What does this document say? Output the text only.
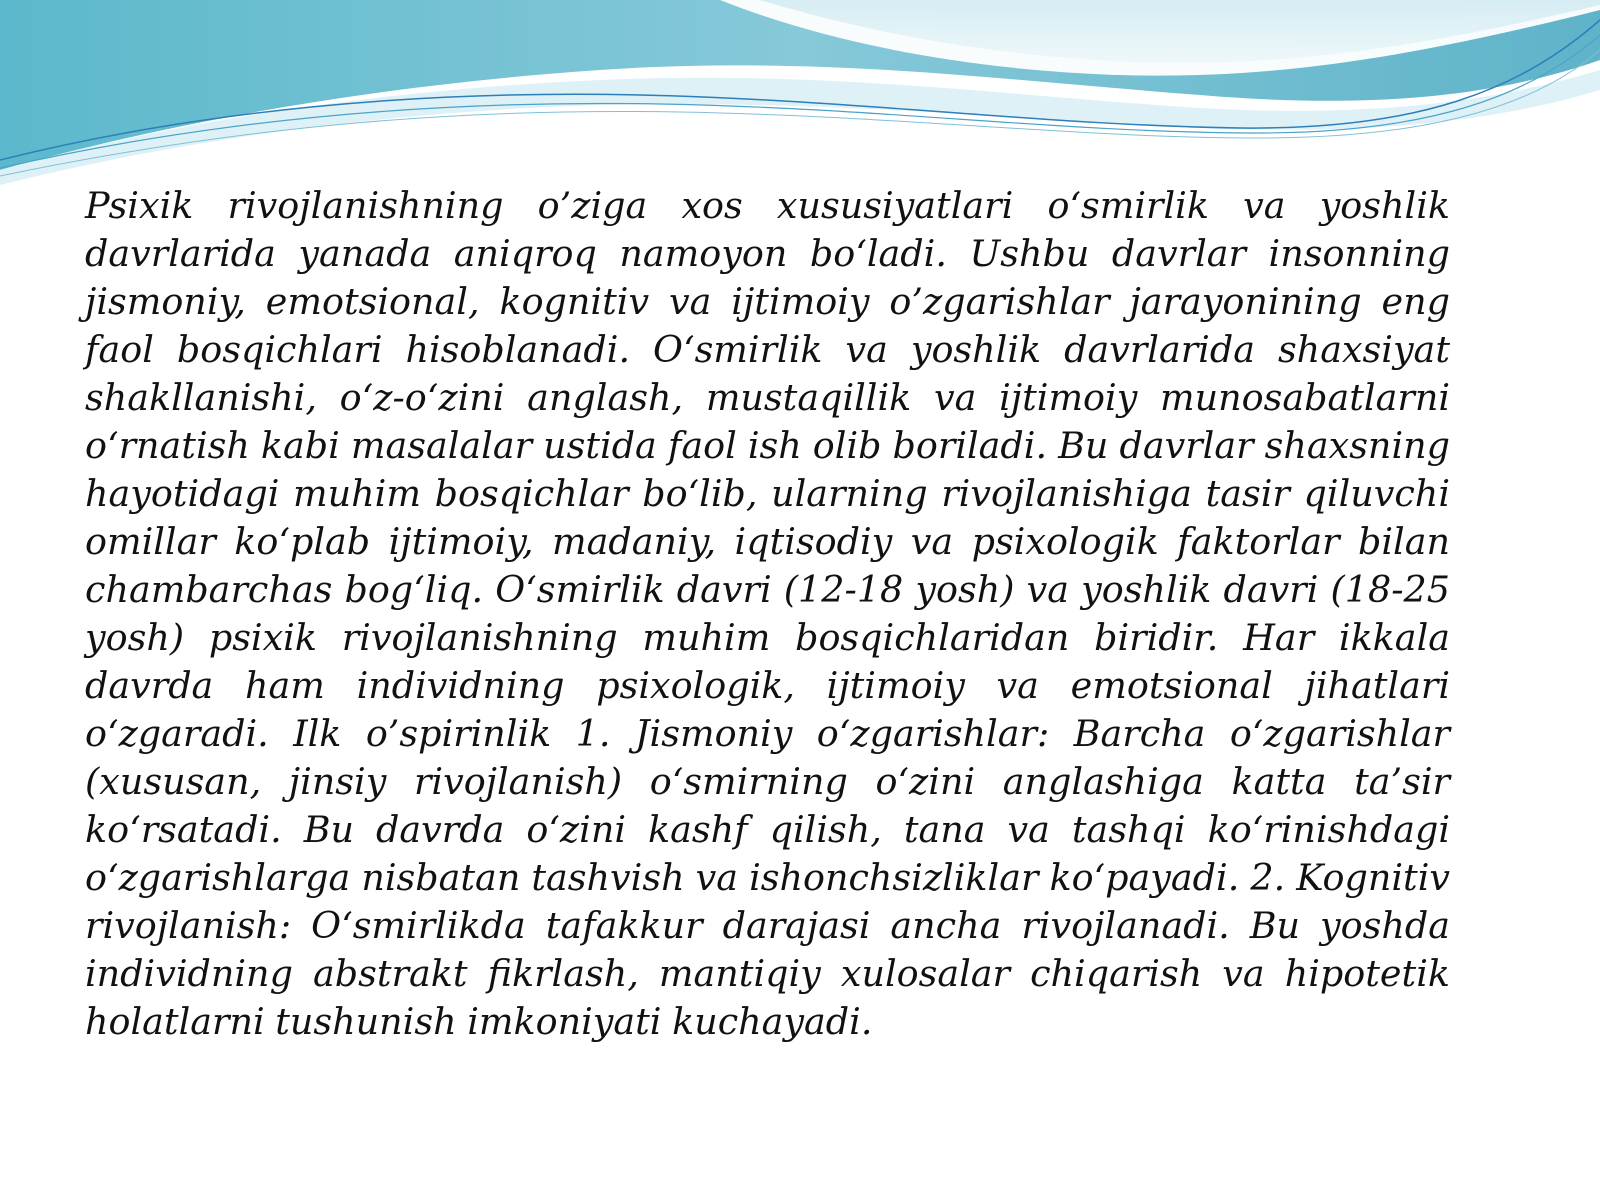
Psixik rivojlanishning o’ziga xos xususiyatlari o‘smirlik va yoshlik davrlarida yanada aniqroq namoyon bo‘ladi. Ushbu davrlar insonning jismoniy, emotsional, kognitiv va ijtimoiy o’zgarishlar jarayonining eng faol bosqichlari hisoblanadi. O‘smirlik va yoshlik davrlarida shaxsiyat shakllanishi, o‘z-o‘zini anglash, mustaqillik va ijtimoiy munosabatlarni o‘rnatish kabi masalalar ustida faol ish olib boriladi. Bu davrlar shaxsning hayotidagi muhim bosqichlar bo‘lib, ularning rivojlanishiga tasir qiluvchi omillar ko‘plab ijtimoiy, madaniy, iqtisodiy va psixologik faktorlar bilan chambarchas bog‘liq. O‘smirlik davri (12-18 yosh) va yoshlik davri (18-25 yosh) psixik rivojlanishning muhim bosqichlaridan biridir. Har ikkala davrda ham individning psixologik, ijtimoiy va emotsional jihatlari o‘zgaradi. Ilk o’spirinlik 1. Jismoniy o‘zgarishlar: Barcha o‘zgarishlar (xususan, jinsiy rivojlanish) o‘smirning o‘zini anglashiga katta ta’sir ko‘rsatadi. Bu davrda o‘zini kashf qilish, tana va tashqi ko‘rinishdagi o‘zgarishlarga nisbatan tashvish va ishonchsizliklar ko‘payadi. 2. Kognitiv rivojlanish: O‘smirlikda tafakkur darajasi ancha rivojlanadi. Bu yoshda individning abstrakt fikrlash, mantiqiy xulosalar chiqarish va hipotetik holatlarni tushunish imkoniyati kuchayadi.
